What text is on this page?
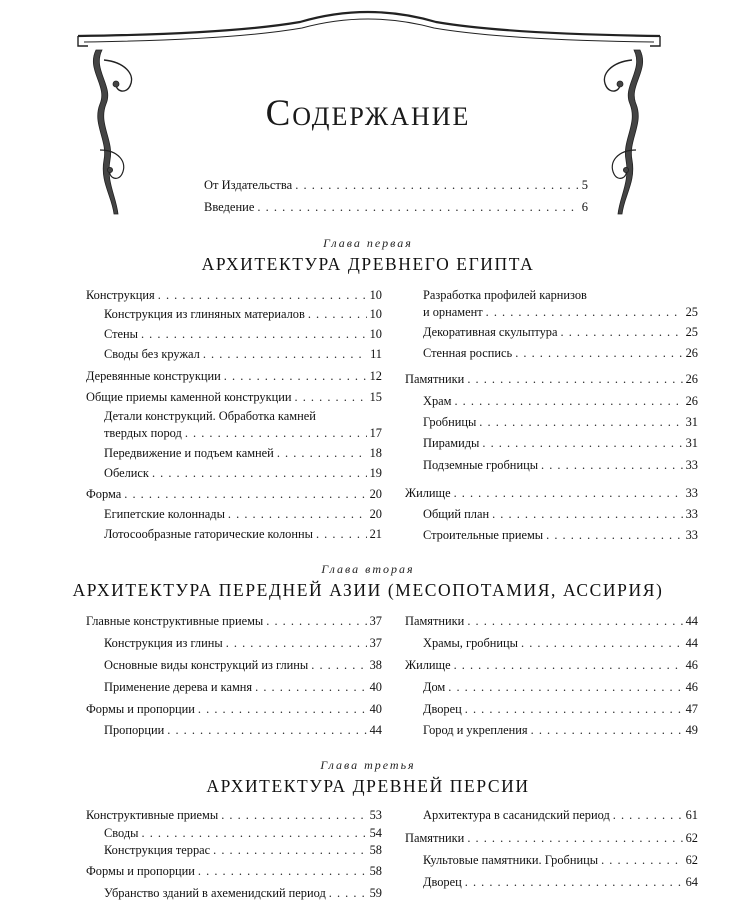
Содержание
От Издательства . . .	5
Введение . . .	6
Глава первая
АРХИТЕКТУРА ДРЕВНЕГО ЕГИПТА
Конструкция . . .	10
Конструкция из глиняных материалов . . .	10
Стены . . .	10
Своды без кружал . . .	11
Деревянные конструкции . . .	12
Общие приемы каменной конструкции . . .	15
Детали конструкций. Обработка камней
твердых пород . . .	17
Передвижение и подъем камней . . .	18
Обелиск . . .	19
Форма . . .	20
Египетские колоннады . . .	20
Лотосообразные гаторические колонны . . .	21
Разработка профилей карнизов
и орнамент . . .	25
Декоративная скульптура . . .	25
Стенная роспись . . .	26
Памятники . . .	26
Храм . . .	26
Гробницы . . .	31
Пирамиды . . .	31
Подземные гробницы . . .	33
Жилище . . .	33
Общий план . . .	33
Строительные приемы . . .	33
Глава вторая
АРХИТЕКТУРА ПЕРЕДНЕЙ АЗИИ (МЕСОПОТАМИЯ, АССИРИЯ)
Главные конструктивные приемы . . .	37
Конструкция из глины . . .	37
Основные виды конструкций из глины . . .	38
Применение дерева и камня . . .	40
Формы и пропорции . . .	40
Пропорции . . .	44
Памятники . . .	44
Храмы, гробницы . . .	44
Жилище . . .	46
Дом . . .	46
Дворец . . .	47
Город и укрепления . . .	49
Глава третья
АРХИТЕКТУРА ДРЕВНЕЙ ПЕРСИИ
Конструктивные приемы . . .	53
Своды . . .	54
Конструкция террас . . .	58
Формы и пропорции . . .	58
Убранство зданий в ахеменидский период . . .	59
Архитектура в сасанидский период . . .	61
Памятники . . .	62
Культовые памятники. Гробницы . . .	62
Дворец . . .	64
